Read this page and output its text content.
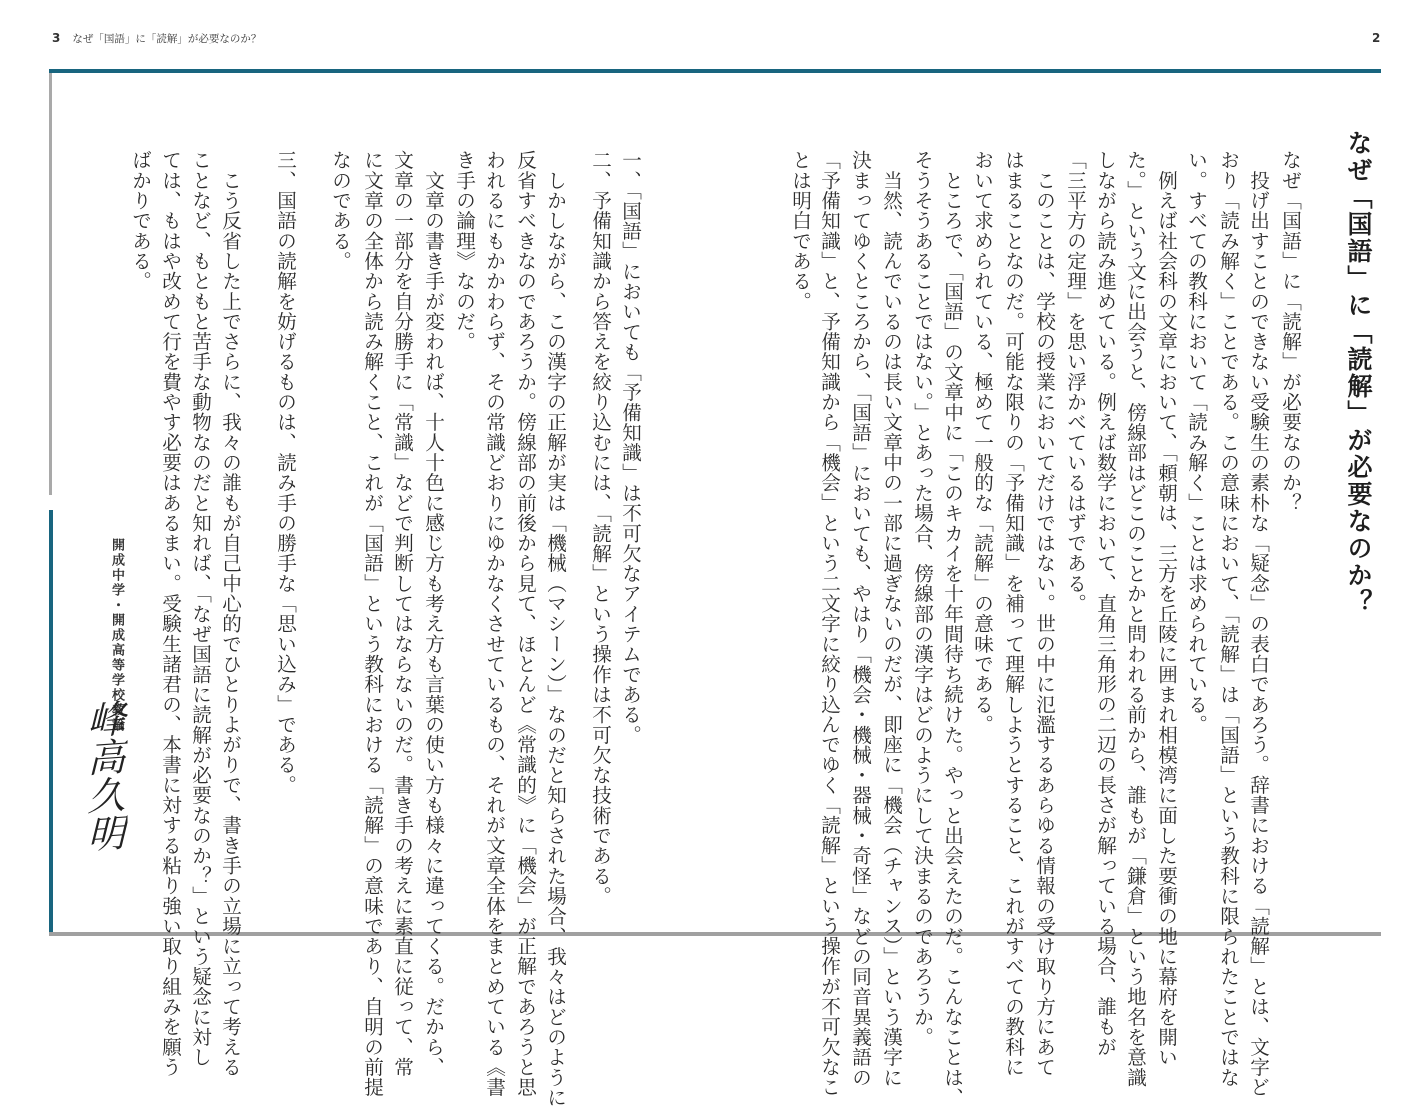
3 なぜ「国語」に「読解」が必要なのか？	2
なぜ「国語」に「読解」が必要なのか？
なぜ「国語」に「読解」が必要なのか？
　投げ出すことのできない受験生の素朴な「疑念」の表白であろう。辞書における「読解」とは、文字ど
おり「読み解く」ことである。この意味において、「読解」は「国語」という教科に限られたことではな
い。すべての教科において「読み解く」ことは求められている。
　例えば社会科の文章において、「頼朝は、三方を丘陵に囲まれ相模湾に面した要衝の地に幕府を開い
た。」という文に出会うと、傍線部はどこのことかと問われる前から、誰もが「鎌倉」という地名を意識
しながら読み進めている。例えば数学において、直角三角形の二辺の長さが解っている場合、誰もが
「三平方の定理」を思い浮かべているはずである。
　このことは、学校の授業においてだけではない。世の中に氾濫するあらゆる情報の受け取り方にあて
はまることなのだ。可能な限りの「予備知識」を補って理解しようとすること、これがすべての教科に
おいて求められている、極めて一般的な「読解」の意味である。
　ところで、「国語」の文章中に「このキカイを十年間待ち続けた。やっと出会えたのだ。こんなことは、
そうそうあることではない。」とあった場合、傍線部の漢字はどのようにして決まるのであろうか。
　当然、読んでいるのは長い文章中の一部に過ぎないのだが、即座に「機会（チャンス）」という漢字に
決まってゆくところから、「国語」においても、やはり「機会・機械・器械・奇怪」などの同音異義語の
「予備知識」と、予備知識から「機会」という二文字に絞り込んでゆく「読解」という操作が不可欠なこ
とは明白である。
一、「国語」においても「予備知識」は不可欠なアイテムである。
二、予備知識から答えを絞り込むには、「読解」という操作は不可欠な技術である。
　しかしながら、この漢字の正解が実は「機械（マシーン）」なのだと知らされた場合、我々はどのように
反省すべきなのであろうか。傍線部の前後から見て、ほとんど《常識的》に「機会」が正解であろうと思
われるにもかかわらず、その常識どおりにゆかなくさせているもの、それが文章全体をまとめている《書
き手の論理》なのだ。
　文章の書き手が変われば、十人十色に感じ方も考え方も言葉の使い方も様々に違ってくる。だから、
文章の一部分を自分勝手に「常識」などで判断してはならないのだ。書き手の考えに素直に従って、常
に文章の全体から読み解くこと、これが「国語」という教科における「読解」の意味であり、自明の前提
なのである。
三、国語の読解を妨げるものは、読み手の勝手な「思い込み」である。
　こう反省した上でさらに、我々の誰もが自己中心的でひとりよがりで、書き手の立場に立って考える
ことなど、もともと苦手な動物なのだと知れば、「なぜ国語に読解が必要なのか？」という疑念に対し
ては、もはや改めて行を費やす必要はあるまい。受験生諸君の、本書に対する粘り強い取り組みを願う
ばかりである。
開成中学・開成高等学校教論
峰高久明
